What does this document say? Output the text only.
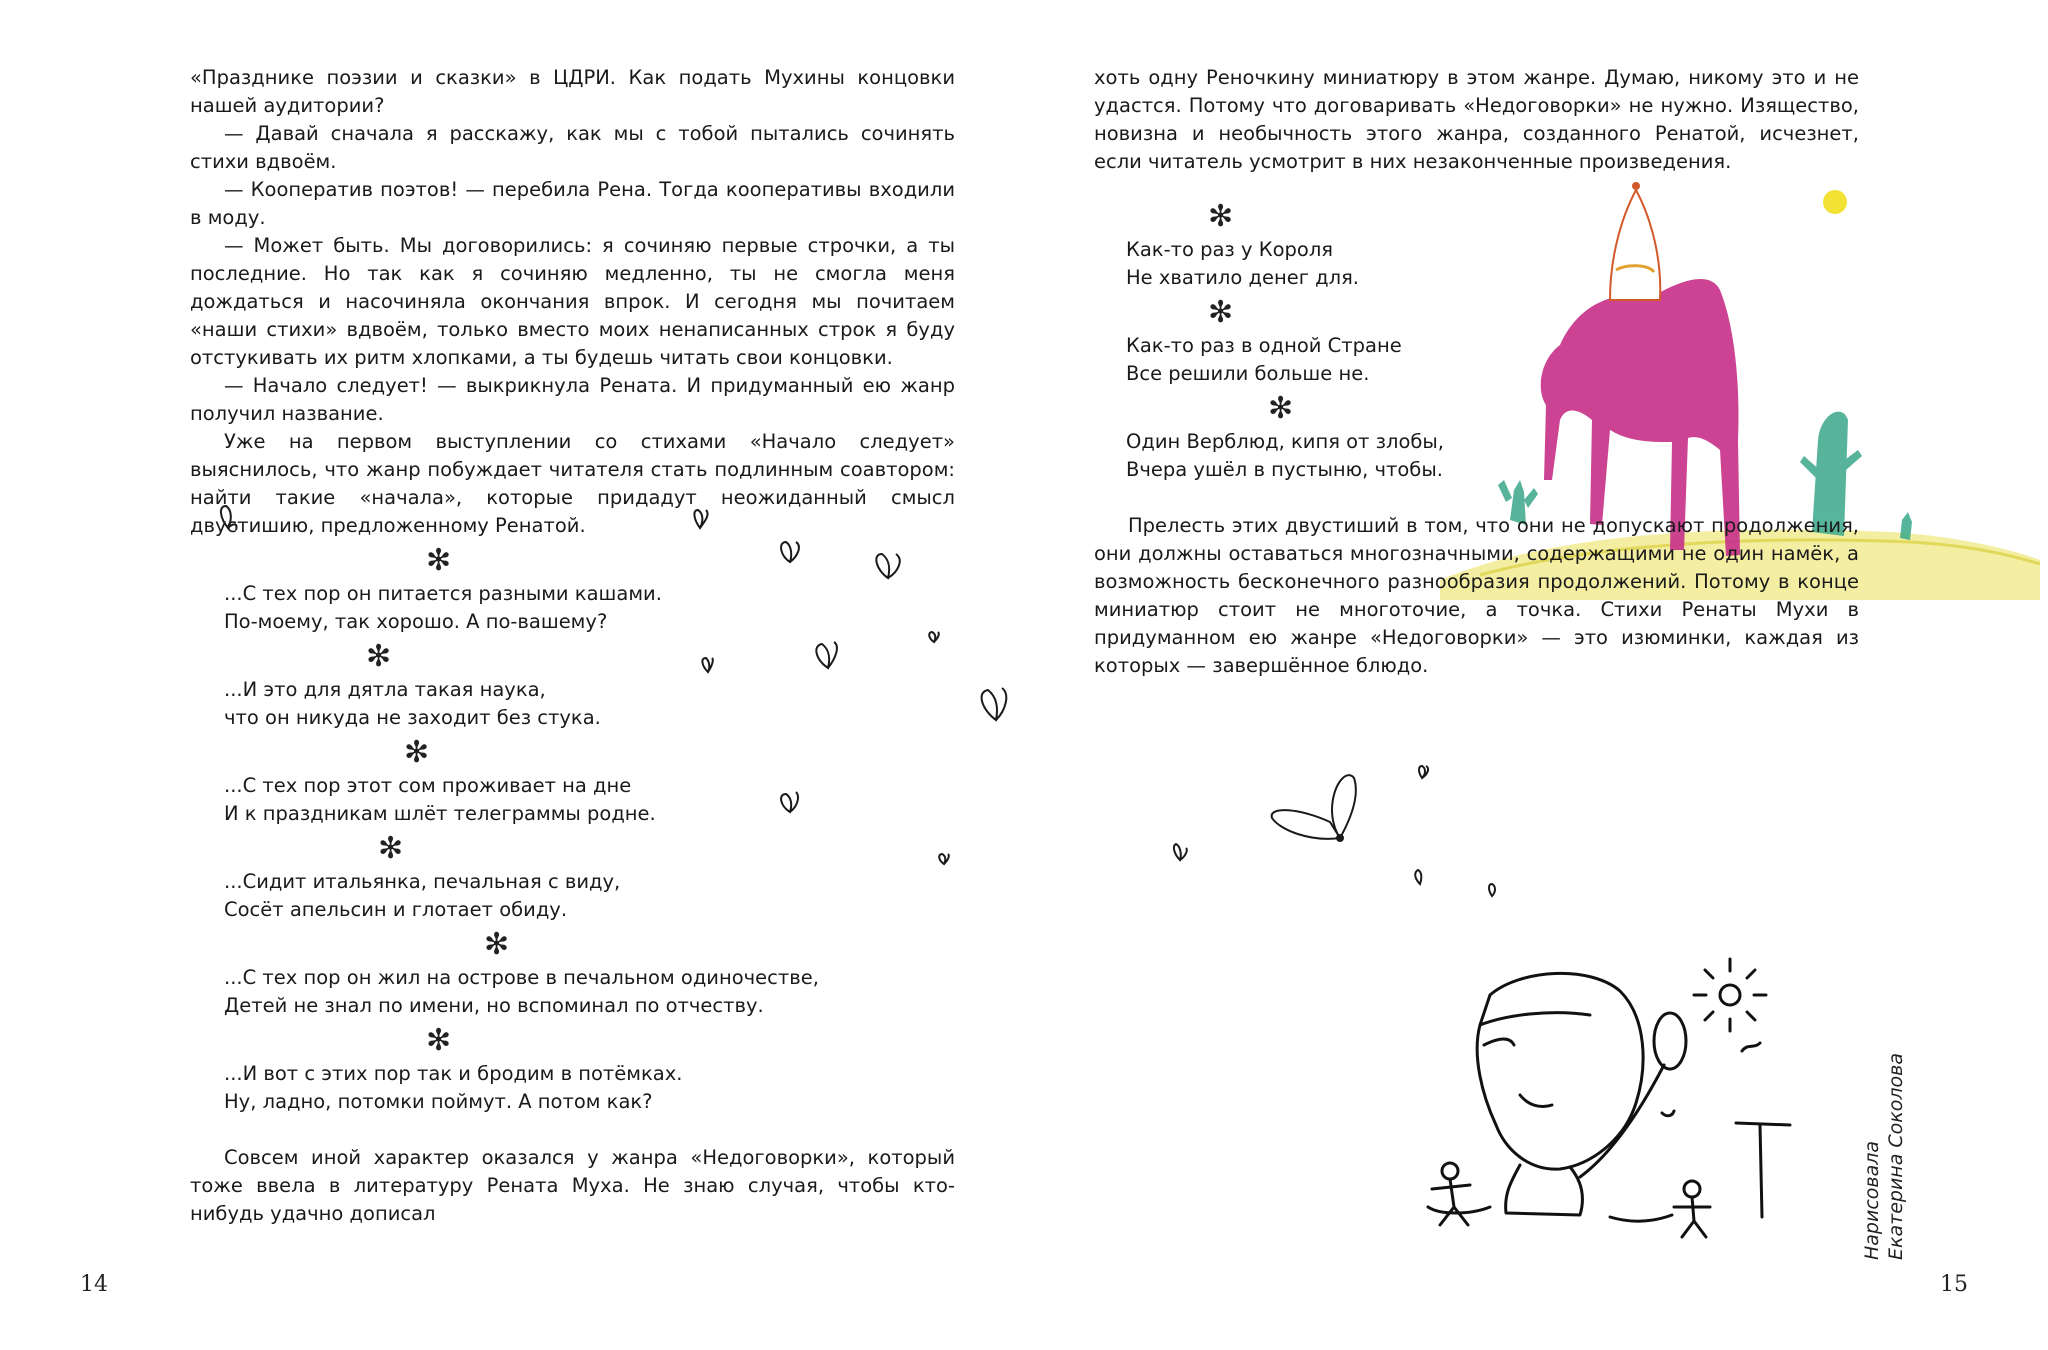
«Празднике поэзии и сказки» в ЦДРИ. Как подать Мухины концовки нашей аудитории?

— Давай сначала я расскажу, как мы с тобой пытались сочинять стихи вдвоём.

— Кооператив поэтов! — перебила Рена. Тогда кооперативы входили в моду.

— Может быть. Мы договорились: я сочиняю первые строчки, а ты последние. Но так как я сочиняю медленно, ты не смогла меня дождаться и насочиняла окончания впрок. И сегодня мы почитаем «наши стихи» вдвоём, только вместо моих ненаписанных строк я буду отстукивать их ритм хлопками, а ты будешь читать свои концовки.

— Начало следует! — выкрикнула Рената. И придуманный ею жанр получил название.

Уже на первом выступлении со стихами «Начало следует» выяснилось, что жанр побуждает читателя стать подлинным соавтором: найти такие «начала», которые придадут неожиданный смысл двустишию, предложенному Ренатой.

✻

...С тех пор он питается разными кашами.

По-моему, так хорошо. А по-вашему?

✻

...И это для дятла такая наука,

что он никуда не заходит без стука.

✻

...С тех пор этот сом проживает на дне

И к праздникам шлёт телеграммы родне.

✻

...Сидит итальянка, печальная с виду,

Сосёт апельсин и глотает обиду.

✻

...С тех пор он жил на острове в печальном одиночестве,

Детей не знал по имени, но вспоминал по отчеству.

✻

...И вот с этих пор так и бродим в потёмках.

Ну, ладно, потомки поймут. А потом как?

Совсем иной характер оказался у жанра «Недоговорки», который тоже ввела в литературу Рената Муха. Не знаю случая, чтобы кто-нибудь удачно дописал

14

хоть одну Реночкину миниатюру в этом жанре. Думаю, никому это и не удастся. Потому что договаривать «Недоговорки» не нужно. Изящество, новизна и необычность этого жанра, созданного Ренатой, исчезнет, если читатель усмотрит в них незаконченные произведения.

✻

Как-то раз у Короля

Не хватило денег для.

✻

Как-то раз в одной Стране

Все решили больше не.

✻

Один Верблюд, кипя от злобы,

Вчера ушёл в пустыню, чтобы.

Прелесть этих двустиший в том, что они не допускают продолжения, они должны оставаться многозначными, содержащими не один намёк, а возможность бесконечного разнообразия продолжений. Потому в конце миниатюр стоит не многоточие, а точка. Стихи Ренаты Мухи в придуманном ею жанре «Недоговорки» — это изюминки, каждая из которых — завершённое блюдо.

Нарисовала Екатерина Соколова
15
